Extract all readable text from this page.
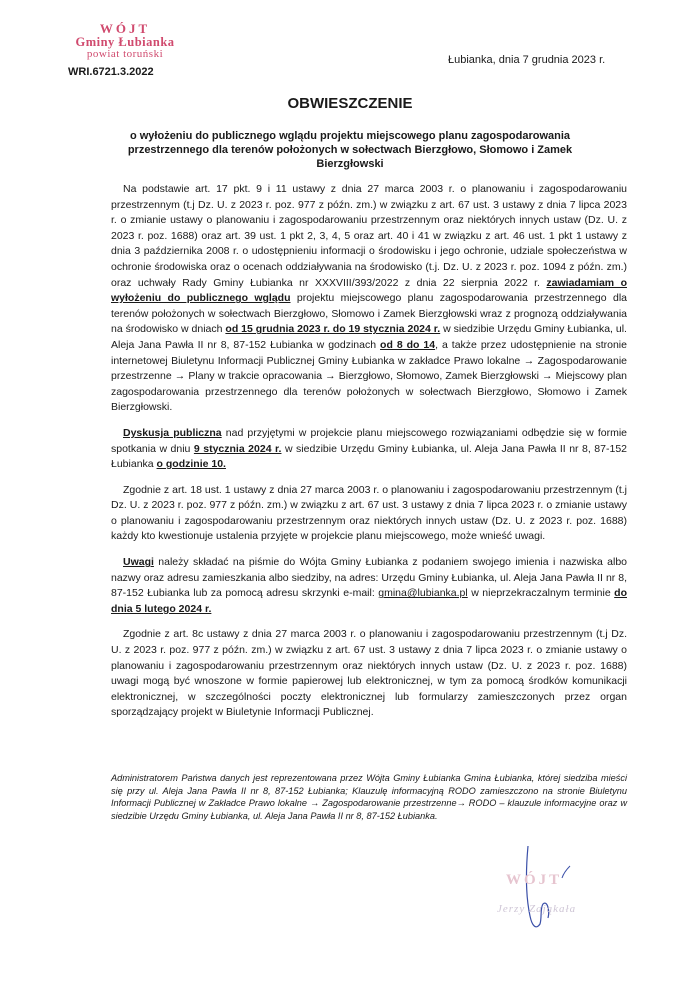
WÓJT
Gminy Łubianka
powiat toruński
WRI.6721.3.2022
Łubianka, dnia 7 grudnia 2023 r.
OBWIESZCZENIE
o wyłożeniu do publicznego wglądu projektu miejscowego planu zagospodarowania przestrzennego dla terenów położonych w sołectwach Bierzgłowo, Słomowo i Zamek Bierzgłowski

Na podstawie art. 17 pkt. 9 i 11 ustawy z dnia 27 marca 2003 r. o planowaniu i zagospodarowaniu przestrzennym (t.j Dz. U. z 2023 r. poz. 977 z późn. zm.) w związku z art. 67 ust. 3 ustawy z dnia 7 lipca 2023 r. o zmianie ustawy o planowaniu i zagospodarowaniu przestrzennym oraz niektórych innych ustaw (Dz. U. z 2023 r. poz. 1688) oraz art. 39 ust. 1 pkt 2, 3, 4, 5 oraz art. 40 i 41 w związku z art. 46 ust. 1 pkt 1 ustawy z dnia 3 października 2008 r. o udostępnieniu informacji o środowisku i jego ochronie, udziale społeczeństwa w ochronie środowiska oraz o ocenach oddziaływania na środowisko (t.j. Dz. U. z 2023 r. poz. 1094 z późn. zm.) oraz uchwały Rady Gminy Łubianka nr XXXVIII/393/2022 z dnia 22 sierpnia 2022 r. zawiadamiam o wyłożeniu do publicznego wglądu projektu miejscowego planu zagospodarowania przestrzennego dla terenów położonych w sołectwach Bierzgłowo, Słomowo i Zamek Bierzgłowski wraz z prognozą oddziaływania na środowisko w dniach od 15 grudnia 2023 r. do 19 stycznia 2024 r. w siedzibie Urzędu Gminy Łubianka, ul. Aleja Jana Pawła II nr 8, 87-152 Łubianka w godzinach od 8 do 14, a także przez udostępnienie na stronie internetowej Biuletynu Informacji Publicznej Gminy Łubianka w zakładce Prawo lokalne → Zagospodarowanie przestrzenne → Plany w trakcie opracowania → Bierzgłowo, Słomowo, Zamek Bierzgłowski → Miejscowy plan zagospodarowania przestrzennego dla terenów położonych w sołectwach Bierzgłowo, Słomowo i Zamek Bierzgłowski.

Dyskusja publiczna nad przyjętymi w projekcie planu miejscowego rozwiązaniami odbędzie się w formie spotkania w dniu 9 stycznia 2024 r. w siedzibie Urzędu Gminy Łubianka, ul. Aleja Jana Pawła II nr 8, 87-152 Łubianka o godzinie 10.

Zgodnie z art. 18 ust. 1 ustawy z dnia 27 marca 2003 r. o planowaniu i zagospodarowaniu przestrzennym (t.j Dz. U. z 2023 r. poz. 977 z późn. zm.) w związku z art. 67 ust. 3 ustawy z dnia 7 lipca 2023 r. o zmianie ustawy o planowaniu i zagospodarowaniu przestrzennym oraz niektórych innych ustaw (Dz. U. z 2023 r. poz. 1688) każdy kto kwestionuje ustalenia przyjęte w projekcie planu miejscowego, może wnieść uwagi.

Uwagi należy składać na piśmie do Wójta Gminy Łubianka z podaniem swojego imienia i nazwiska albo nazwy oraz adresu zamieszkania albo siedziby, na adres: Urzędu Gminy Łubianka, ul. Aleja Jana Pawła II nr 8, 87-152 Łubianka lub za pomocą adresu skrzynki e-mail: gmina@lubianka.pl w nieprzekraczalnym terminie do dnia 5 lutego 2024 r.

Zgodnie z art. 8c ustawy z dnia 27 marca 2003 r. o planowaniu i zagospodarowaniu przestrzennym (t.j Dz. U. z 2023 r. poz. 977 z późn. zm.) w związku z art. 67 ust. 3 ustawy z dnia 7 lipca 2023 r. o zmianie ustawy o planowaniu i zagospodarowaniu przestrzennym oraz niektórych innych ustaw (Dz. U. z 2023 r. poz. 1688) uwagi mogą być wnoszone w formie papierowej lub elektronicznej, w tym za pomocą środków komunikacji elektronicznej, w szczególności poczty elektronicznej lub formularzy zamieszczonych przez organ sporządzający projekt w Biuletynie Informacji Publicznej.

Administratorem Państwa danych jest reprezentowana przez Wójta Gminy Łubianka Gmina Łubianka, której siedziba mieści się przy ul. Aleja Jana Pawła II nr 8, 87-152 Łubianka; Klauzulę informacyjną RODO zamieszczono na stronie Biuletynu Informacji Publicznej w Zakładce Prawo lokalne → Zagospodarowanie przestrzenne→ RODO – klauzule informacyjne oraz w siedzibie Urzędu Gminy Łubianka, ul. Aleja Jana Pawła II nr 8, 87-152 Łubianka.
WÓJT
Jerzy Zająkała
